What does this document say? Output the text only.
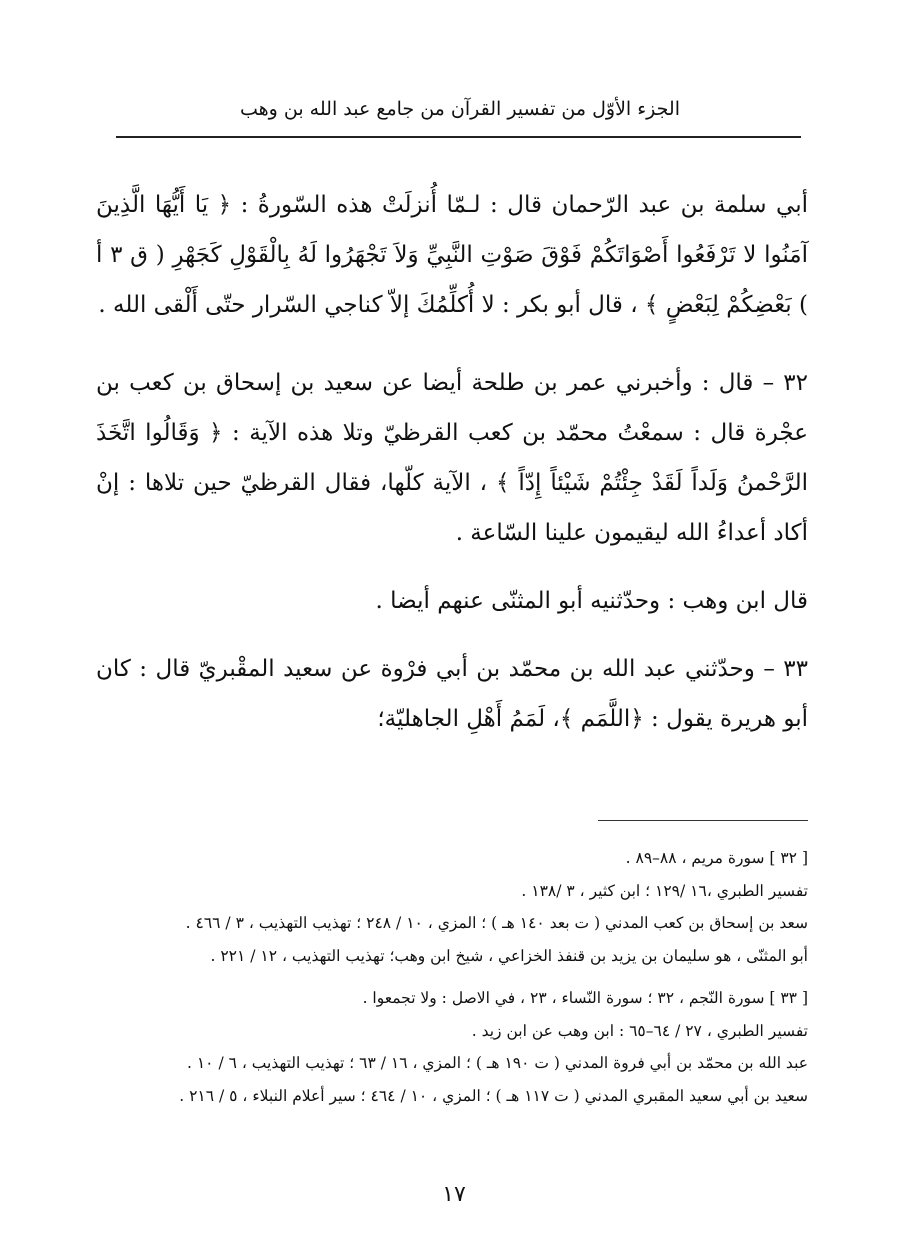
الجزء الأوّل من تفسير القرآن من جامع عبد الله بن وهب

أبي سلمة بن عبد الرّحمان قال : لـمّا أُنزلَتْ هذه السّورةُ : ﴿ يَا أَيُّهَا الَّذِينَ آمَنُوا لا تَرْفَعُوا أَصْوَاتَكُمْ فَوْقَ صَوْتِ النَّبِيِّ وَلاَ تَجْهَرُوا لَهُ بِالْقَوْلِ كَجَهْرِ ( ق ٣ أ ) بَعْضِكُمْ لِبَعْضٍ ﴾ ، قال أبو بكر : لا أُكلِّمُكَ إلاّ كناجي السّرار حتّى أَلْقى الله .

٣٢ – قال : وأخبرني عمر بن طلحة أيضا عن سعيد بن إسحاق بن كعب بن عجْرة قال : سمعْتُ محمّد بن كعب القرظيّ وتلا هذه الآية : ﴿ وَقَالُوا اتَّخَذَ الرَّحْمنُ وَلَداً لَقَدْ جِئْتُمْ شَيْئاً إِدّاً ﴾ ، الآية كلّها، فقال القرظيّ حين تلاها : إنْ أكاد أعداءُ الله ليقيمون علينا السّاعة .

قال ابن وهب : وحدّثنيه أبو المثنّى عنهم أيضا .

٣٣ – وحدّثني عبد الله بن محمّد بن أبي فرْوة عن سعيد المقْبريّ قال : كان أبو هريرة يقول : ﴿اللَّمَم ﴾، لَمَمُ أَهْلِ الجاهليّة؛

[ ٣٢ ] سورة مريم ، ٨٨–٨٩ .
تفسير الطبري ،١٦ /١٢٩ ؛ ابن كثير ، ٣ /١٣٨ .
سعد بن إسحاق بن كعب المدني ( ت بعد ١٤٠ هـ ) ؛ المزي ، ١٠ / ٢٤٨ ؛ تهذيب التهذيب ، ٣ / ٤٦٦ .
أبو المثنّى ، هو سليمان بن يزيد بن قنفذ الخزاعي ، شيخ ابن وهب؛ تهذيب التهذيب ، ١٢ / ٢٢١ .
[ ٣٣ ] سورة النّجم ، ٣٢ ؛ سورة النّساء ، ٢٣ ، في الاصل : ولا تجمعوا .
تفسير الطبري ، ٢٧ / ٦٤–٦٥ : ابن وهب عن ابن زيد .
عبد الله بن محمّد بن أبي فروة المدني ( ت ١٩٠ هـ ) ؛ المزي ، ١٦ / ٦٣ ؛ تهذيب التهذيب ، ٦ / ١٠ .
سعيد بن أبي سعيد المقبري المدني ( ت ١١٧ هـ ) ؛ المزي ، ١٠ / ٤٦٤ ؛ سير أعلام النبلاء ، ٥ / ٢١٦ .
١٧
